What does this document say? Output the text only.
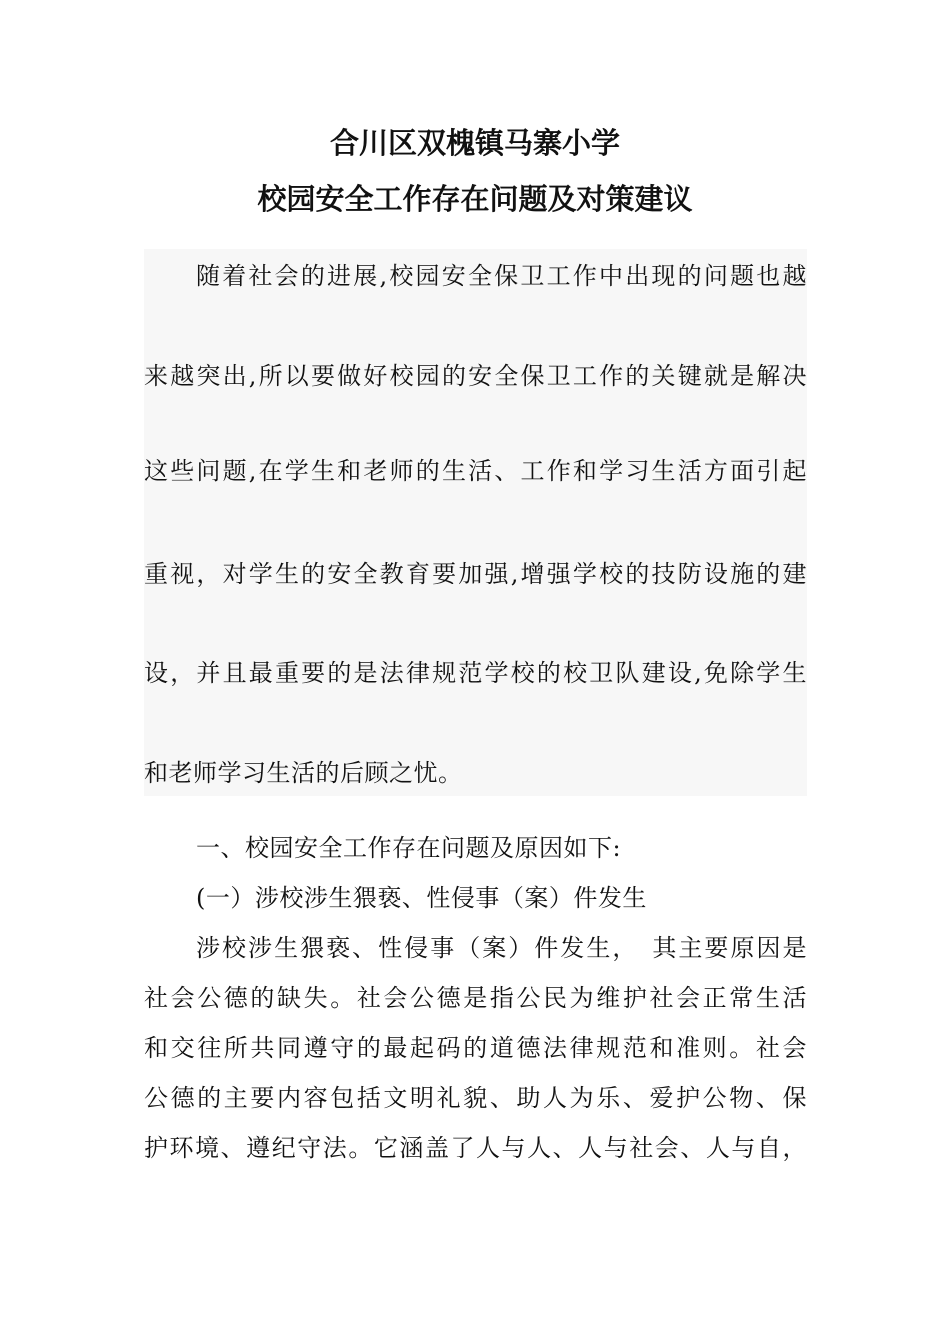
合川区双槐镇马寨小学
校园安全工作存在问题及对策建议
随着社会的进展,校园安全保卫工作中出现的问题也越
来越突出,所以要做好校园的安全保卫工作的关键就是解决
这些问题,在学生和老师的生活、工作和学习生活方面引起
重视，对学生的安全教育要加强,增强学校的技防设施的建
设，并且最重要的是法律规范学校的校卫队建设,免除学生
和老师学习生活的后顾之忧。
一、校园安全工作存在问题及原因如下:
(一）涉校涉生猥亵、性侵事（案）件发生
涉校涉生猥亵、性侵事（案）件发生，　其主要原因是
社会公德的缺失。社会公德是指公民为维护社会正常生活
和交往所共同遵守的最起码的道德法律规范和准则。社会
公德的主要内容包括文明礼貌、助人为乐、爱护公物、保
护环境、遵纪守法。它涵盖了人与人、人与社会、人与自，
